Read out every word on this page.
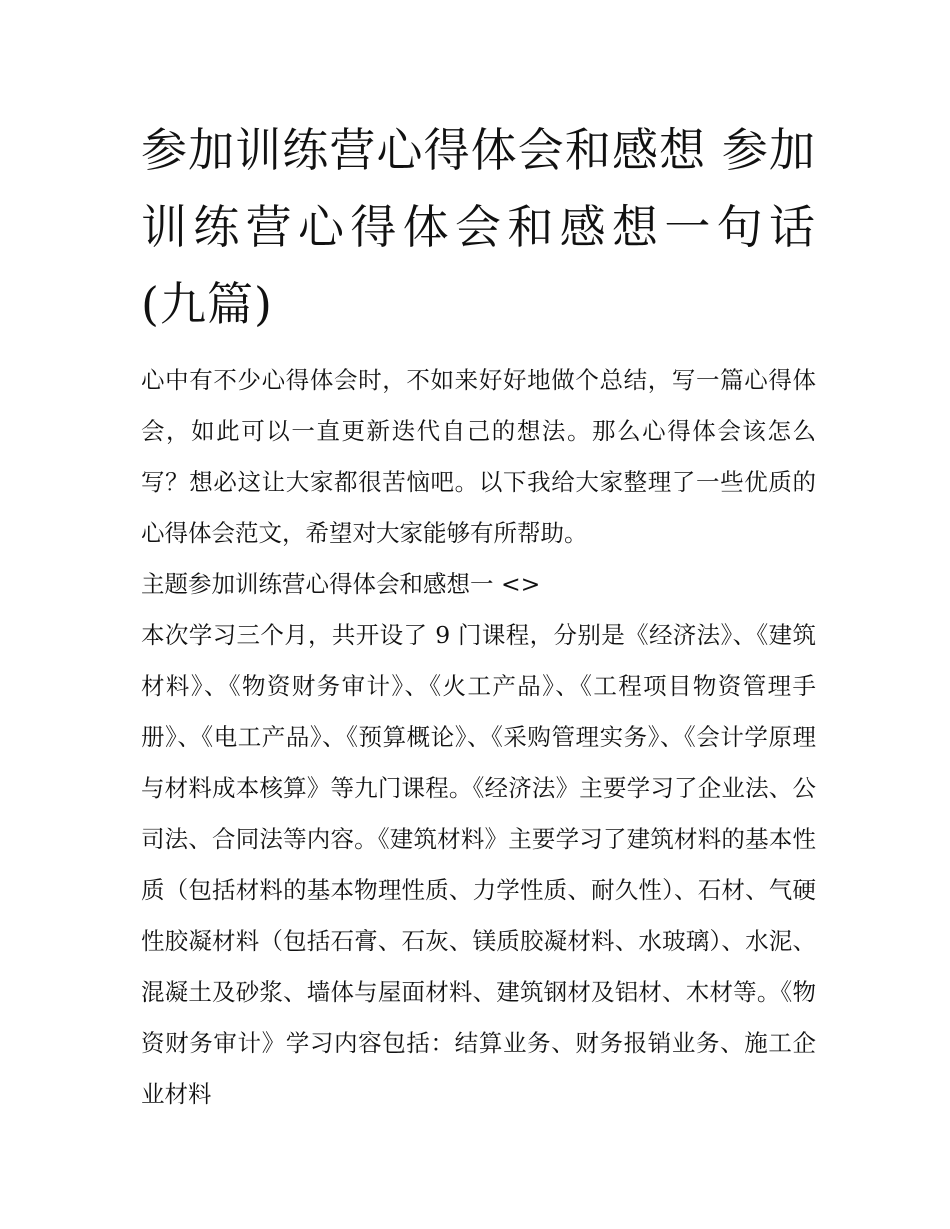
参加训练营心得体会和感想 参加训练营心得体会和感想一句话(九篇)

心中有不少心得体会时，不如来好好地做个总结，写一篇心得体会，如此可以一直更新迭代自己的想法。那么心得体会该怎么写？想必这让大家都很苦恼吧。以下我给大家整理了一些优质的心得体会范文，希望对大家能够有所帮助。

主题参加训练营心得体会和感想一 <>

本次学习三个月，共开设了 9 门课程，分别是《经济法》、《建筑材料》、《物资财务审计》、《火工产品》、《工程项目物资管理手册》、《电工产品》、《预算概论》、《采购管理实务》、《会计学原理与材料成本核算》等九门课程。《经济法》主要学习了企业法、公司法、合同法等内容。《建筑材料》主要学习了建筑材料的基本性质（包括材料的基本物理性质、力学性质、耐久性）、石材、气硬性胶凝材料（包括石膏、石灰、镁质胶凝材料、水玻璃）、水泥、混凝土及砂浆、墙体与屋面材料、建筑钢材及铝材、木材等。《物资财务审计》学习内容包括：结算业务、财务报销业务、施工企业材料
